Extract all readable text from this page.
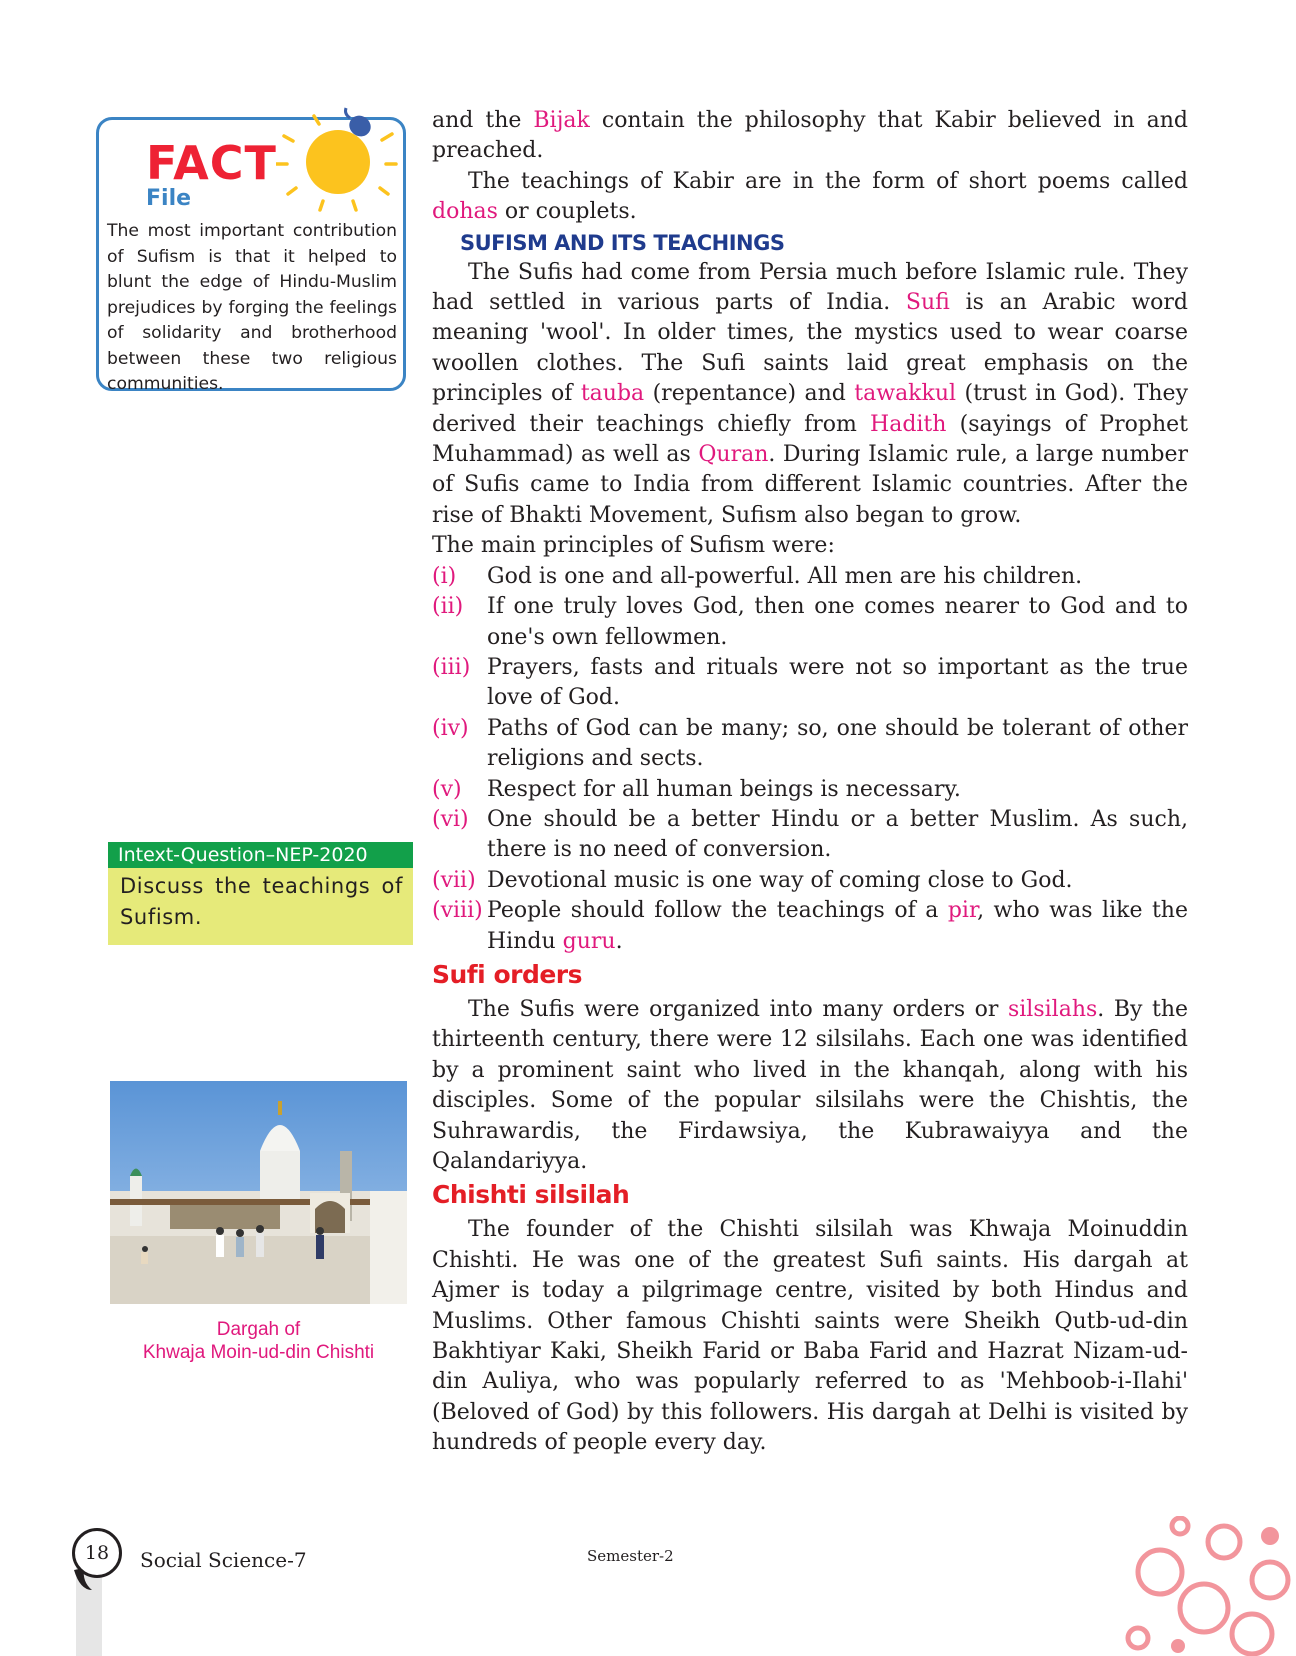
FACT
File

The most important contribution of Sufism is that it helped to blunt the edge of Hindu-Muslim prejudices by forging the feelings of solidarity and brotherhood between these two religious communities.

Intext-Question–NEP-2020
Discuss the teachings of Sufism.

Dargah of
Khwaja Moin-ud-din Chishti

and the Bijak contain the philosophy that Kabir believed in and preached.

The teachings of Kabir are in the form of short poems called dohas or couplets.

SUFISM AND ITS TEACHINGS

The Sufis had come from Persia much before Islamic rule. They had settled in various parts of India. Sufi is an Arabic word meaning 'wool'. In older times, the mystics used to wear coarse woollen clothes. The Sufi saints laid great emphasis on the principles of tauba (repentance) and tawakkul (trust in God). They derived their teachings chiefly from Hadith (sayings of Prophet Muhammad) as well as Quran. During Islamic rule, a large number of Sufis came to India from different Islamic countries. After the rise of Bhakti Movement, Sufism also began to grow.

The main principles of Sufism were:

(i) God is one and all-powerful. All men are his children.
(ii) If one truly loves God, then one comes nearer to God and to one's own fellowmen.
(iii) Prayers, fasts and rituals were not so important as the true love of God.
(iv) Paths of God can be many; so, one should be tolerant of other religions and sects.
(v) Respect for all human beings is necessary.
(vi) One should be a better Hindu or a better Muslim. As such, there is no need of conversion.
(vii) Devotional music is one way of coming close to God.
(viii) People should follow the teachings of a pir, who was like the Hindu guru.
Sufi orders

The Sufis were organized into many orders or silsilahs. By the thirteenth century, there were 12 silsilahs. Each one was identified by a prominent saint who lived in the khanqah, along with his disciples. Some of the popular silsilahs were the Chishtis, the Suhrawardis, the Firdawsiya, the Kubrawaiyya and the Qalandariyya.

Chishti silsilah

The founder of the Chishti silsilah was Khwaja Moinuddin Chishti. He was one of the greatest Sufi saints. His dargah at Ajmer is today a pilgrimage centre, visited by both Hindus and Muslims. Other famous Chishti saints were Sheikh Qutb-ud-din Bakhtiyar Kaki, Sheikh Farid or Baba Farid and Hazrat Nizam-ud-din Auliya, who was popularly referred to as 'Mehboob-i-Ilahi' (Beloved of God) by this followers. His dargah at Delhi is visited by hundreds of people every day.

18	Social Science-7	Semester-2
